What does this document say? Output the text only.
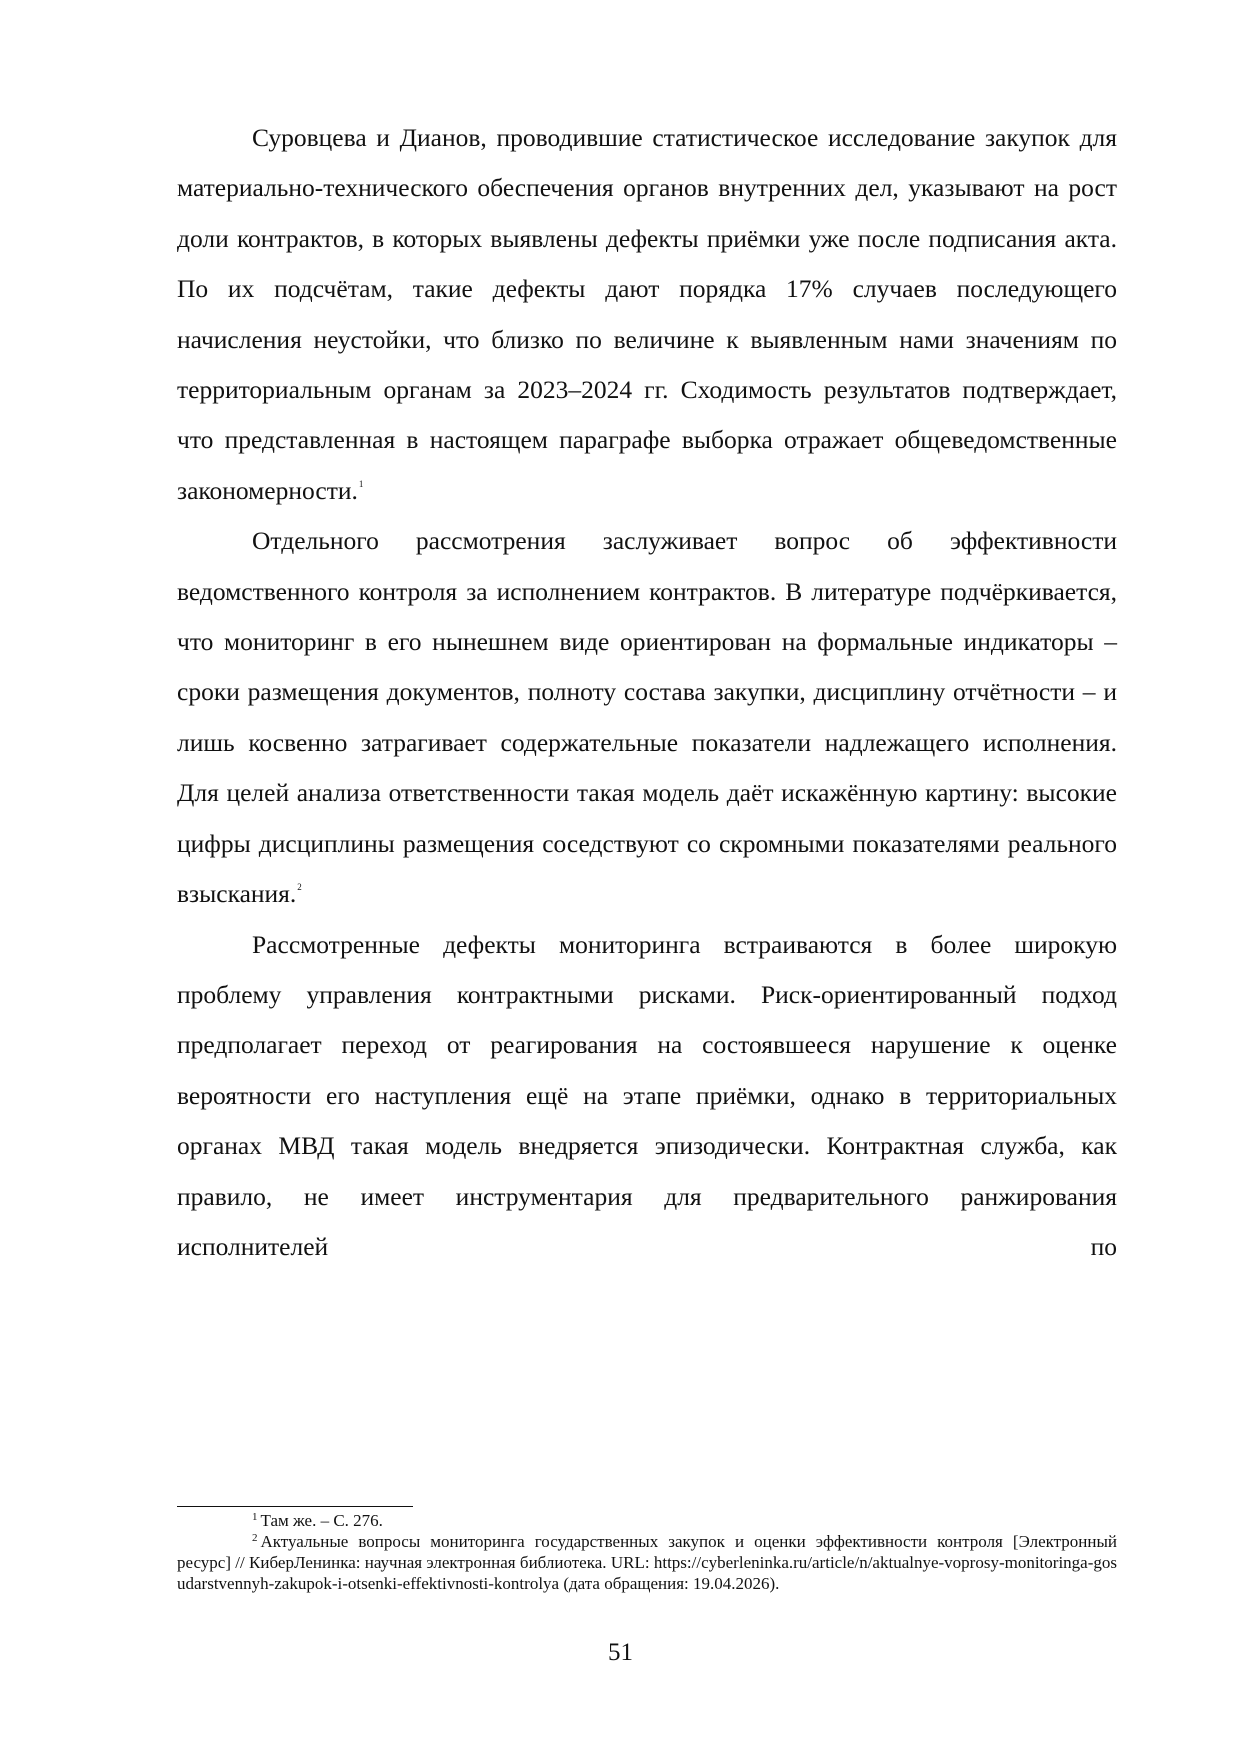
Суровцева и Дианов, проводившие статистическое исследование закупок для материально-технического обеспечения органов внутренних дел, указывают на рост доли контрактов, в которых выявлены дефекты приёмки уже после подписания акта. По их подсчётам, такие дефекты дают порядка 17% случаев последующего начисления неустойки, что близко по величине к выявленным нами значениям по территориальным органам за 2023–2024 гг. Сходимость результатов подтверждает, что представленная в настоящем параграфе выборка отражает общеведомственные закономерности.$^1$

Отдельного рассмотрения заслуживает вопрос об эффективности ведомственного контроля за исполнением контрактов. В литературе подчёркивается, что мониторинг в его нынешнем виде ориентирован на формальные индикаторы – сроки размещения документов, полноту состава закупки, дисциплину отчётности – и лишь косвенно затрагивает содержательные показатели надлежащего исполнения. Для целей анализа ответственности такая модель даёт искажённую картину: высокие цифры дисциплины размещения соседствуют со скромными показателями реального взыскания.$^2$

Рассмотренные дефекты мониторинга встраиваются в более широкую проблему управления контрактными рисками. Риск-ориентированный подход предполагает переход от реагирования на состоявшееся нарушение к оценке вероятности его наступления ещё на этапе приёмки, однако в территориальных органах МВД такая модель внедряется эпизодически. Контрактная служба, как правило, не имеет инструментария для предварительного ранжирования исполнителей по

$^1$ Там же. – С. 276.

$^2$ Актуальные вопросы мониторинга государственных закупок и оценки эффективности контроля [Электронный ресурс] // КиберЛенинка: научная электронная библиотека. URL: https://cyberleninka.ru/article/n/aktualnye-voprosy-monitoringa-gosudarstvennyh-zakupok-i-otsenki-effektivnosti-kontrolya (дата обращения: 19.04.2026).

51
